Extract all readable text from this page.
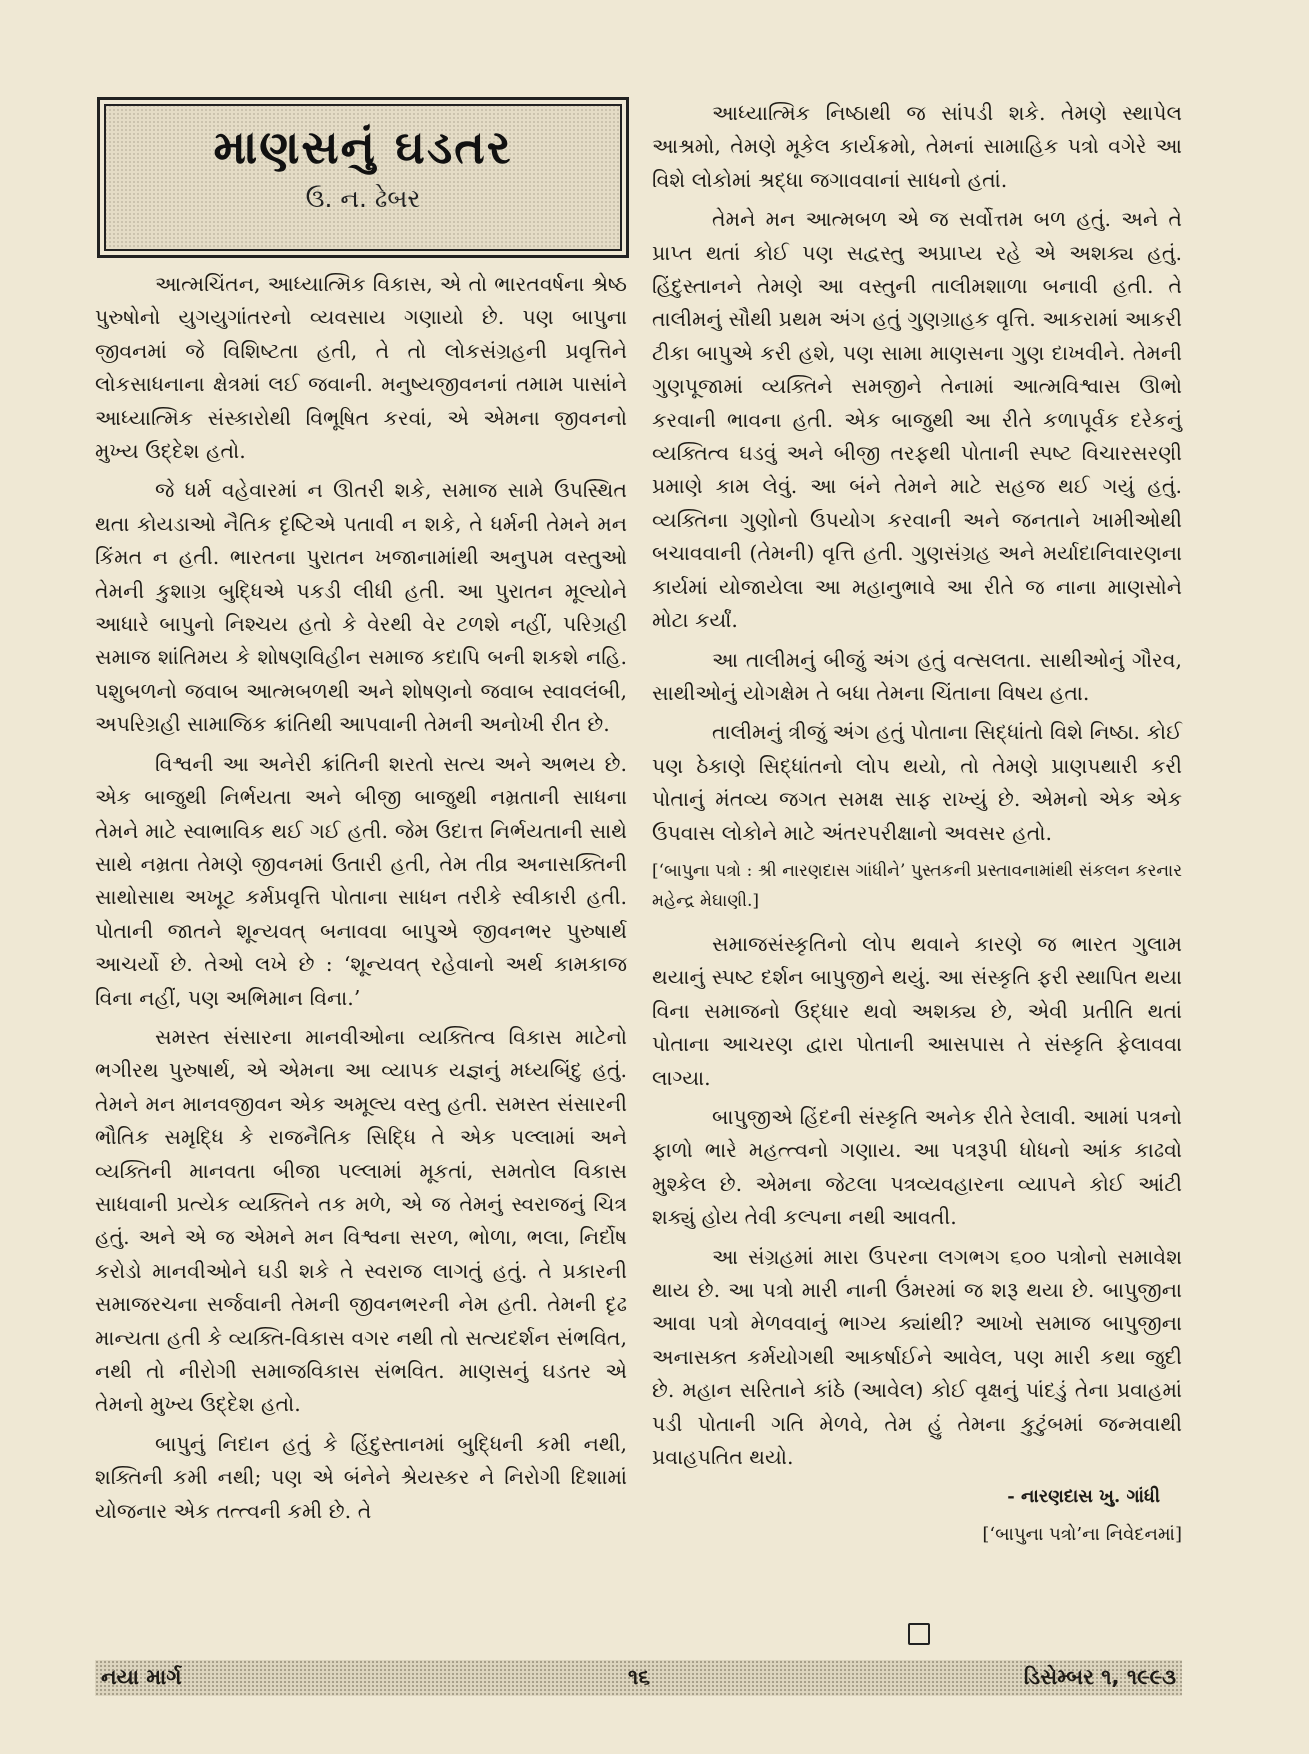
માણસનું ઘડતર
ઉ. ન. ઢેબર

આત્મચિંતન, આધ્યાત્મિક વિકાસ, એ તો ભારતવર્ષના શ્રેષ્ઠ પુરુષોનો યુગયુગાંતરનો વ્યવસાય ગણાયો છે. પણ બાપુના જીવનમાં જે વિશિષ્ટતા હતી, તે તો લોકસંગ્રહની પ્રવૃત્તિને લોકસાધનાના ક્ષેત્રમાં લઈ જવાની. મનુષ્યજીવનનાં તમામ પાસાંને આધ્યાત્મિક સંસ્કારોથી વિભૂષિત કરવાં, એ એમના જીવનનો મુખ્ય ઉદ્દેશ હતો.

જે ધર્મ વહેવારમાં ન ઊતરી શકે, સમાજ સામે ઉપસ્થિત થતા કોયડાઓ નૈતિક દૃષ્ટિએ પતાવી ન શકે, તે ધર્મની તેમને મન કિંમત ન હતી. ભારતના પુરાતન ખજાનામાંથી અનુપમ વસ્તુઓ તેમની કુશાગ્ર બુદ્ધિએ પકડી લીધી હતી. આ પુરાતન મૂલ્યોને આધારે બાપુનો નિશ્ચય હતો કે વેરથી વેર ટળશે નહીં, પરિગ્રહી સમાજ શાંતિમય કે શોષણવિહીન સમાજ કદાપિ બની શકશે નહિ. પશુબળનો જવાબ આત્મબળથી અને શોષણનો જવાબ સ્વાવલંબી, અપરિગ્રહી સામાજિક ક્રાંતિથી આપવાની તેમની અનોખી રીત છે.

વિશ્વની આ અનેરી ક્રાંતિની શરતો સત્ય અને અભય છે. એક બાજુથી નિર્ભયતા અને બીજી બાજુથી નમ્રતાની સાધના તેમને માટે સ્વાભાવિક થઈ ગઈ હતી. જેમ ઉદાત્ત નિર્ભયતાની સાથે સાથે નમ્રતા તેમણે જીવનમાં ઉતારી હતી, તેમ તીવ્ર અનાસક્તિની સાથોસાથ અખૂટ કર્મપ્રવૃત્તિ પોતાના સાધન તરીકે સ્વીકારી હતી. પોતાની જાતને શૂન્યવત્ બનાવવા બાપુએ જીવનભર પુરુષાર્થ આચર્યો છે. તેઓ લખે છે : ‘શૂન્યવત્ રહેવાનો અર્થ કામકાજ વિના નહીં, પણ અભિમાન વિના.’

સમસ્ત સંસારના માનવીઓના વ્યક્તિત્વ વિકાસ માટેનો ભગીરથ પુરુષાર્થ, એ એમના આ વ્યાપક યજ્ઞનું મધ્યબિંદુ હતું. તેમને મન માનવજીવન એક અમૂલ્ય વસ્તુ હતી. સમસ્ત સંસારની ભૌતિક સમૃદ્ધિ કે રાજનૈતિક સિદ્ધિ તે એક પલ્લામાં અને વ્યક્તિની માનવતા બીજા પલ્લામાં મૂકતાં, સમતોલ વિકાસ સાધવાની પ્રત્યેક વ્યક્તિને તક મળે, એ જ તેમનું સ્વરાજનું ચિત્ર હતું. અને એ જ એમને મન વિશ્વના સરળ, ભોળા, ભલા, નિર્દોષ કરોડો માનવીઓને ઘડી શકે તે સ્વરાજ લાગતું હતું. તે પ્રકારની સમાજરચના સર્જવાની તેમની જીવનભરની નેમ હતી. તેમની દૃઢ માન્યતા હતી કે વ્યક્તિ-વિકાસ વગર નથી તો સત્યદર્શન સંભવિત, નથી તો નીરોગી સમાજવિકાસ સંભવિત. માણસનું ઘડતર એ તેમનો મુખ્ય ઉદ્દેશ હતો.

બાપુનું નિદાન હતું કે હિંદુસ્તાનમાં બુદ્ધિની કમી નથી, શક્તિની કમી નથી; પણ એ બંનેને શ્રેયસ્કર ને નિરોગી દિશામાં યોજનાર એક તત્ત્વની કમી છે. તે

આધ્યાત્મિક નિષ્ઠાથી જ સાંપડી શકે. તેમણે સ્થાપેલ આશ્રમો, તેમણે મૂકેલ કાર્યક્રમો, તેમનાં સામાહિક પત્રો વગેરે આ વિશે લોકોમાં શ્રદ્ધા જગાવવાનાં સાધનો હતાં.

તેમને મન આત્મબળ એ જ સર્વોત્તમ બળ હતું. અને તે પ્રાપ્ત થતાં કોઈ પણ સદ્વસ્તુ અપ્રાપ્ય રહે એ અશક્ય હતું. હિંદુસ્તાનને તેમણે આ વસ્તુની તાલીમશાળા બનાવી હતી. તે તાલીમનું સૌથી પ્રથમ અંગ હતું ગુણગ્રાહક વૃત્તિ. આકરામાં આકરી ટીકા બાપુએ કરી હશે, પણ સામા માણસના ગુણ દાખવીને. તેમની ગુણપૂજામાં વ્યક્તિને સમજીને તેનામાં આત્મવિશ્વાસ ઊભો કરવાની ભાવના હતી. એક બાજુથી આ રીતે કળાપૂર્વક દરેકનું વ્યક્તિત્વ ઘડવું અને બીજી તરફથી પોતાની સ્પષ્ટ વિચારસરણી પ્રમાણે કામ લેવું. આ બંને તેમને માટે સહજ થઈ ગયું હતું. વ્યક્તિના ગુણોનો ઉપયોગ કરવાની અને જનતાને ખામીઓથી બચાવવાની (તેમની) વૃત્તિ હતી. ગુણસંગ્રહ અને મર્યાદાનિવારણના કાર્યમાં યોજાયેલા આ મહાનુભાવે આ રીતે જ નાના માણસોને મોટા કર્યાં.

આ તાલીમનું બીજું અંગ હતું વત્સલતા. સાથીઓનું ગૌરવ, સાથીઓનું યોગક્ષેમ તે બધા તેમના ચિંતાના વિષય હતા.

તાલીમનું ત્રીજું અંગ હતું પોતાના સિદ્ધાંતો વિશે નિષ્ઠા. કોઈ પણ ઠેકાણે સિદ્ધાંતનો લોપ થયો, તો તેમણે પ્રાણપથારી કરી પોતાનું મંતવ્ય જગત સમક્ષ સાફ રાખ્યું છે. એમનો એક એક ઉપવાસ લોકોને માટે અંતરપરીક્ષાનો અવસર હતો.

[‘બાપુના પત્રો : શ્રી નારણદાસ ગાંધીને’ પુસ્તકની પ્રસ્તાવનામાંથી સંકલન કરનાર મહેન્દ્ર મેઘાણી.]

સમાજસંસ્કૃતિનો લોપ થવાને કારણે જ ભારત ગુલામ થયાનું સ્પષ્ટ દર્શન બાપુજીને થયું. આ સંસ્કૃતિ ફરી સ્થાપિત થયા વિના સમાજનો ઉદ્ધાર થવો અશક્ય છે, એવી પ્રતીતિ થતાં પોતાના આચરણ દ્વારા પોતાની આસપાસ તે સંસ્કૃતિ ફેલાવવા લાગ્યા.

બાપુજીએ હિંદની સંસ્કૃતિ અનેક રીતે રેલાવી. આમાં પત્રનો ફાળો ભારે મહત્ત્વનો ગણાય. આ પત્રરૂપી ધોધનો આંક કાઢવો મુશ્કેલ છે. એમના જેટલા પત્રવ્યવહારના વ્યાપને કોઈ આંટી શક્યું હોય તેવી કલ્પના નથી આવતી.

આ સંગ્રહમાં મારા ઉપરના લગભગ ૬૦૦ પત્રોનો સમાવેશ થાય છે. આ પત્રો મારી નાની ઉંમરમાં જ શરૂ થયા છે. બાપુજીના આવા પત્રો મેળવવાનું ભાગ્ય ક્યાંથી? આખો સમાજ બાપુજીના અનાસક્ત કર્મયોગથી આકર્ષાઈને આવેલ, પણ મારી કથા જુદી છે. મહાન સરિતાને કાંઠે (આવેલ) કોઈ વૃક્ષનું પાંદડું તેના પ્રવાહમાં પડી પોતાની ગતિ મેળવે, તેમ હું તેમના કુટુંબમાં જન્મવાથી પ્રવાહપતિત થયો.

- નારણદાસ ખુ. ગાંધી

[‘બાપુના પત્રો’ના નિવેદનમાં]

નયા માર્ગ	૧૬	ડિસેમ્બર ૧, ૧૯૯૩
